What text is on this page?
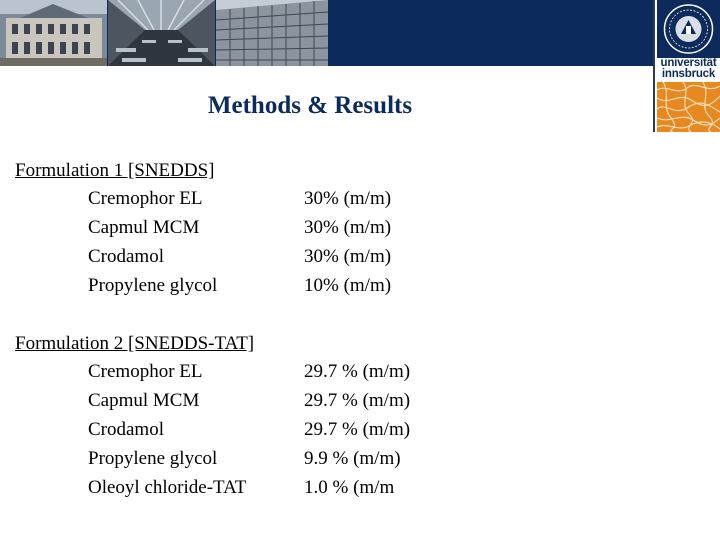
universität
innsbruck
Methods & Results
Formulation 1 [SNEDDS]
Cremophor EL	30% (m/m)
Capmul MCM	30% (m/m)
Crodamol	30% (m/m)
Propylene glycol	10% (m/m)
Formulation 2 [SNEDDS-TAT]
Cremophor EL	29.7 % (m/m)
Capmul MCM	29.7 % (m/m)
Crodamol	29.7 % (m/m)
Propylene glycol	9.9 % (m/m)
Oleoyl chloride-TAT	1.0 % (m/m
